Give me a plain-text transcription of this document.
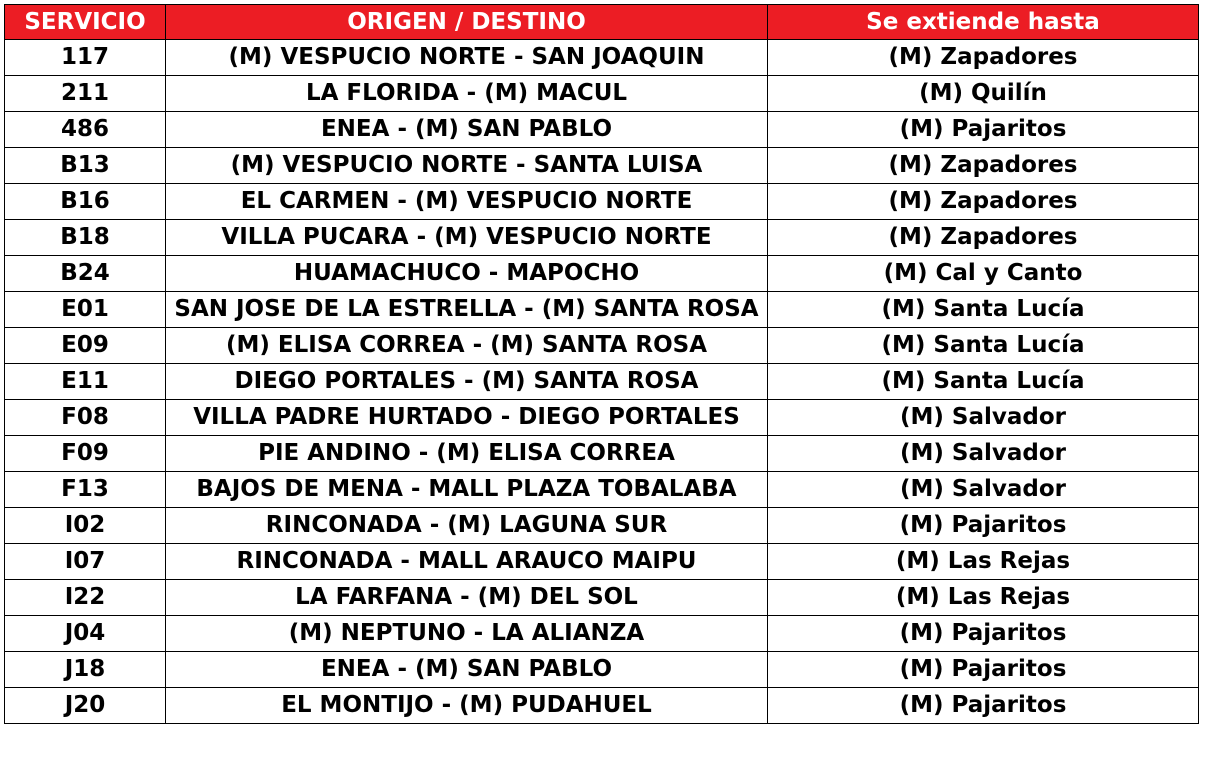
SERVICIO	ORIGEN / DESTINO	Se extiende hasta
117	(M) VESPUCIO NORTE - SAN JOAQUIN	(M) Zapadores
211	LA FLORIDA - (M) MACUL	(M) Quilín
486	ENEA - (M) SAN PABLO	(M) Pajaritos
B13	(M) VESPUCIO NORTE - SANTA LUISA	(M) Zapadores
B16	EL CARMEN - (M) VESPUCIO NORTE	(M) Zapadores
B18	VILLA PUCARA - (M) VESPUCIO NORTE	(M) Zapadores
B24	HUAMACHUCO - MAPOCHO	(M) Cal y Canto
E01	SAN JOSE DE LA ESTRELLA - (M) SANTA ROSA	(M) Santa Lucía
E09	(M) ELISA CORREA - (M) SANTA ROSA	(M) Santa Lucía
E11	DIEGO PORTALES - (M) SANTA ROSA	(M) Santa Lucía
F08	VILLA PADRE HURTADO - DIEGO PORTALES	(M) Salvador
F09	PIE ANDINO - (M) ELISA CORREA	(M) Salvador
F13	BAJOS DE MENA - MALL PLAZA TOBALABA	(M) Salvador
I02	RINCONADA - (M) LAGUNA SUR	(M) Pajaritos
I07	RINCONADA - MALL ARAUCO MAIPU	(M) Las Rejas
I22	LA FARFANA - (M) DEL SOL	(M) Las Rejas
J04	(M) NEPTUNO - LA ALIANZA	(M) Pajaritos
J18	ENEA - (M) SAN PABLO	(M) Pajaritos
J20	EL MONTIJO - (M) PUDAHUEL	(M) Pajaritos
